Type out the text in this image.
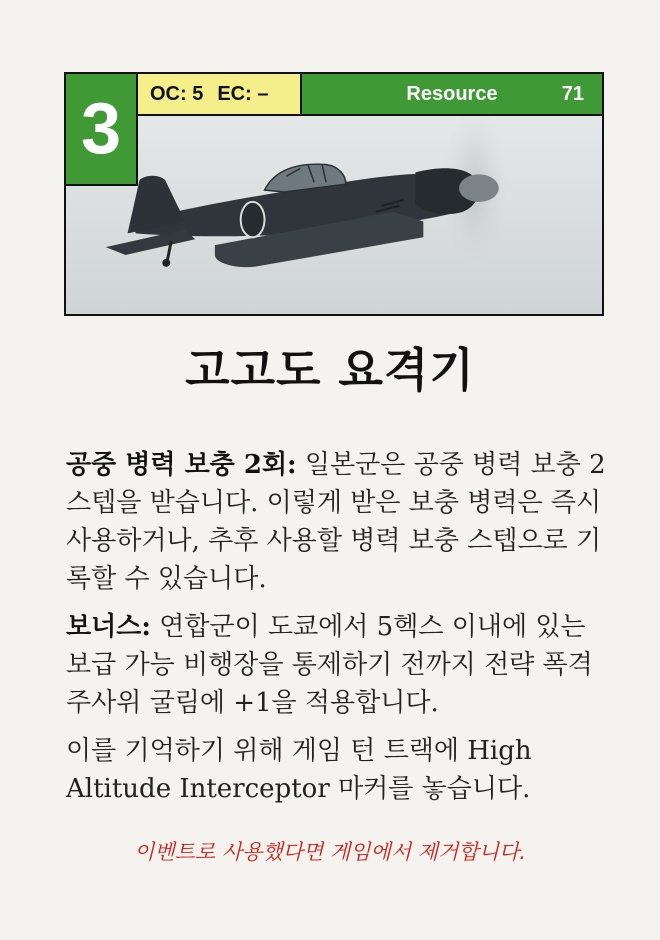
3 OC: 5 EC: –	Resource	71
고고도 요격기

공중 병력 보충 2회: 일본군은 공중 병력 보충 2스텝을 받습니다. 이렇게 받은 보충 병력은 즉시 사용하거나, 추후 사용할 병력 보충 스텝으로 기록할 수 있습니다.

보너스: 연합군이 도쿄에서 5헥스 이내에 있는 보급 가능 비행장을 통제하기 전까지 전략 폭격 주사위 굴림에 +1을 적용합니다.

이를 기억하기 위해 게임 턴 트랙에 High Altitude Interceptor 마커를 놓습니다.

이벤트로 사용했다면 게임에서 제거합니다.
